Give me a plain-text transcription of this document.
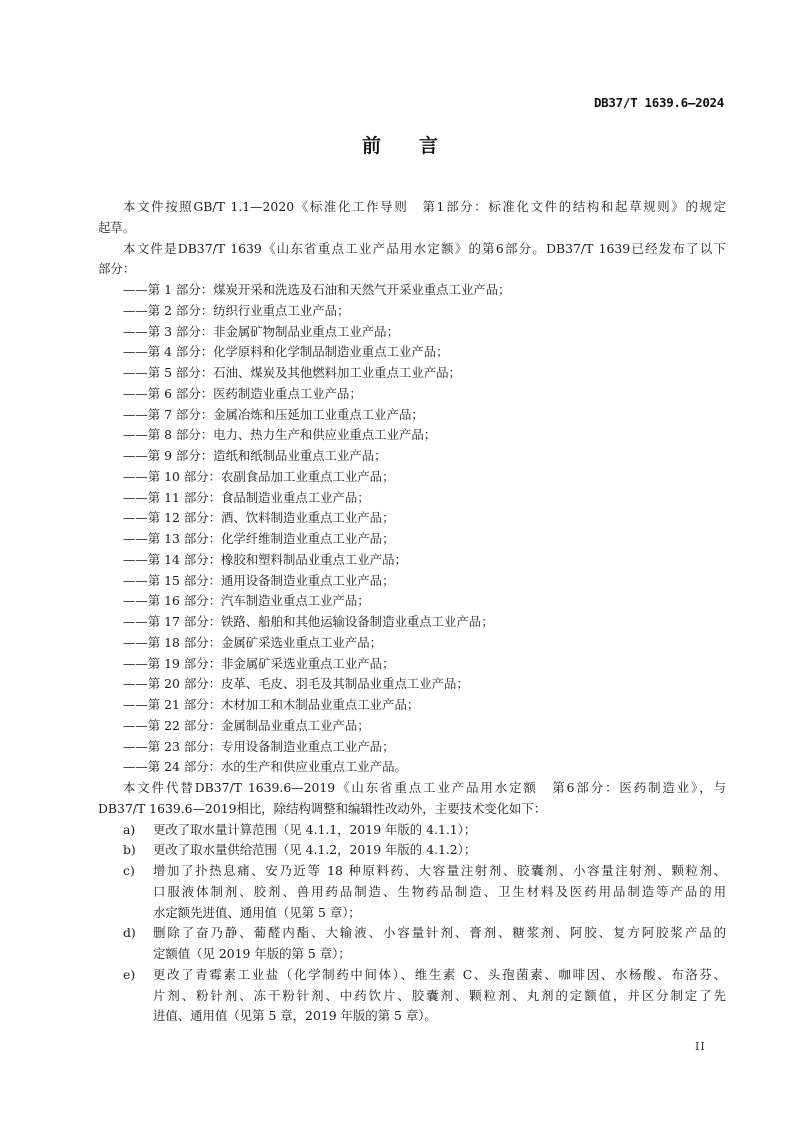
DB37/T 1639.6—2024
前 言
本文件按照GB/T 1.1—2020《标准化工作导则　第1部分：标准化文件的结构和起草规则》的规定
起草。
本文件是DB37/T 1639《山东省重点工业产品用水定额》的第6部分。DB37/T 1639已经发布了以下
部分：
——第 1 部分：煤炭开采和洗选及石油和天然气开采业重点工业产品；
——第 2 部分：纺织行业重点工业产品；
——第 3 部分：非金属矿物制品业重点工业产品；
——第 4 部分：化学原料和化学制品制造业重点工业产品；
——第 5 部分：石油、煤炭及其他燃料加工业重点工业产品；
——第 6 部分：医药制造业重点工业产品；
——第 7 部分：金属冶炼和压延加工业重点工业产品；
——第 8 部分：电力、热力生产和供应业重点工业产品；
——第 9 部分：造纸和纸制品业重点工业产品；
——第 10 部分：农副食品加工业重点工业产品；
——第 11 部分：食品制造业重点工业产品；
——第 12 部分：酒、饮料制造业重点工业产品；
——第 13 部分：化学纤维制造业重点工业产品；
——第 14 部分：橡胶和塑料制品业重点工业产品；
——第 15 部分：通用设备制造业重点工业产品；
——第 16 部分：汽车制造业重点工业产品；
——第 17 部分：铁路、船舶和其他运输设备制造业重点工业产品；
——第 18 部分：金属矿采选业重点工业产品；
——第 19 部分：非金属矿采选业重点工业产品；
——第 20 部分：皮革、毛皮、羽毛及其制品业重点工业产品；
——第 21 部分：木材加工和木制品业重点工业产品；
——第 22 部分：金属制品业重点工业产品；
——第 23 部分：专用设备制造业重点工业产品；
——第 24 部分：水的生产和供应业重点工业产品。
本文件代替DB37/T 1639.6—2019《山东省重点工业产品用水定额　第6部分：医药制造业》，与
DB37/T 1639.6—2019相比，除结构调整和编辑性改动外，主要技术变化如下：
a)	更改了取水量计算范围（见 4.1.1，2019 年版的 4.1.1）；
b)	更改了取水量供给范围（见 4.1.2，2019 年版的 4.1.2）；
c)	增加了扑热息痛、安乃近等 18 种原料药、大容量注射剂、胶囊剂、小容量注射剂、颗粒剂、
口服液体制剂、胶剂、兽用药品制造、生物药品制造、卫生材料及医药用品制造等产品的用
水定额先进值、通用值（见第 5 章）；
d)	删除了奋乃静、葡醛内酯、大输液、小容量针剂、膏剂、糖浆剂、阿胶、复方阿胶浆产品的
定额值（见 2019 年版的第 5 章）；
e)	更改了青霉素工业盐（化学制药中间体）、维生素 C、头孢菌素、咖啡因、水杨酸、布洛芬、
片剂、粉针剂、冻干粉针剂、中药饮片、胶囊剂、颗粒剂、丸剂的定额值，并区分制定了先
进值、通用值（见第 5 章，2019 年版的第 5 章）。
II
